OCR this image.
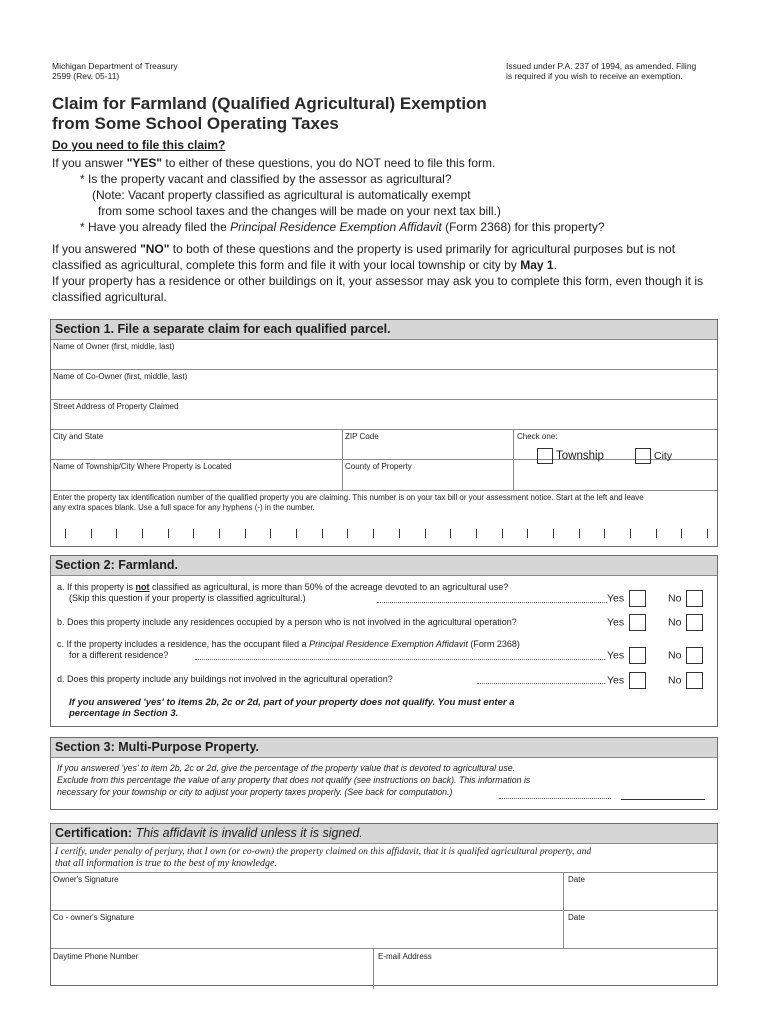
Michigan Department of Treasury
2599 (Rev. 05-11)
Issued under P.A. 237 of 1994, as amended. Filing
is required if you wish to receive an exemption.
Claim for Farmland (Qualified Agricultural) Exemption
from Some School Operating Taxes
Do you need to file this claim?

If you answer "YES" to either of these questions, you do NOT need to file this form.

* Is the property vacant and classified by the assessor as agricultural?

(Note: Vacant property classified as agricultural is automatically exempt

from some school taxes and the changes will be made on your next tax bill.)

* Have you already filed the Principal Residence Exemption Affidavit (Form 2368) for this property?

If you answered "NO" to both of these questions and the property is used primarily for agricultural purposes but is not

classified as agricultural, complete this form and file it with your local township or city by May 1.

If your property has a residence or other buildings on it, your assessor may ask you to complete this form, even though it is

classified agricultural.

Section 1. File a separate claim for each qualified parcel.
Name of Owner (first, middle, last)
Name of Co-Owner (first, middle, last)
Street Address of Property Claimed
City and State	ZIP Code	Check one:
Name of Township/City Where Property is Located	County of Property
Township	City
Enter the property tax identification number of the qualified property you are claiming. This number is on your tax bill or your assessment notice. Start at the left and leave
any extra spaces blank. Use a full space for any hyphens (-) in the number.
Section 2: Farmland.
a. If this property is not classified as agricultural, is more than 50% of the acreage devoted to an agricultural use?
(Skip this question if your property is classified agricultural.)	Yes	No
b. Does this property include any residences occupied by a person who is not involved in the agricultural operation?	Yes	No
c. If the property includes a residence, has the occupant filed a Principal Residence Exemption Affidavit (Form 2368)
for a different residence?	Yes	No
d. Does this property include any buildings not involved in the agricultural operation?	Yes	No
If you answered 'yes' to items 2b, 2c or 2d, part of your property does not qualify. You must enter a
percentage in Section 3.
Section 3: Multi-Purpose Property.
If you answered 'yes' to item 2b, 2c or 2d, give the percentage of the property value that is devoted to agricultural use.
Exclude from this percentage the value of any property that does not qualify (see instructions on back). This information is
necessary for your township or city to adjust your property taxes properly. (See back for computation.)
Certification: This affidavit is invalid unless it is signed.
I certify, under penalty of perjury, that I own (or co-own) the property claimed on this affidavit, that it is qualifed agricultural property, and
that all information is true to the best of my knowledge.
Owner's Signature	Date
Co - owner's Signature	Date
Daytime Phone Number	E-mail Address
